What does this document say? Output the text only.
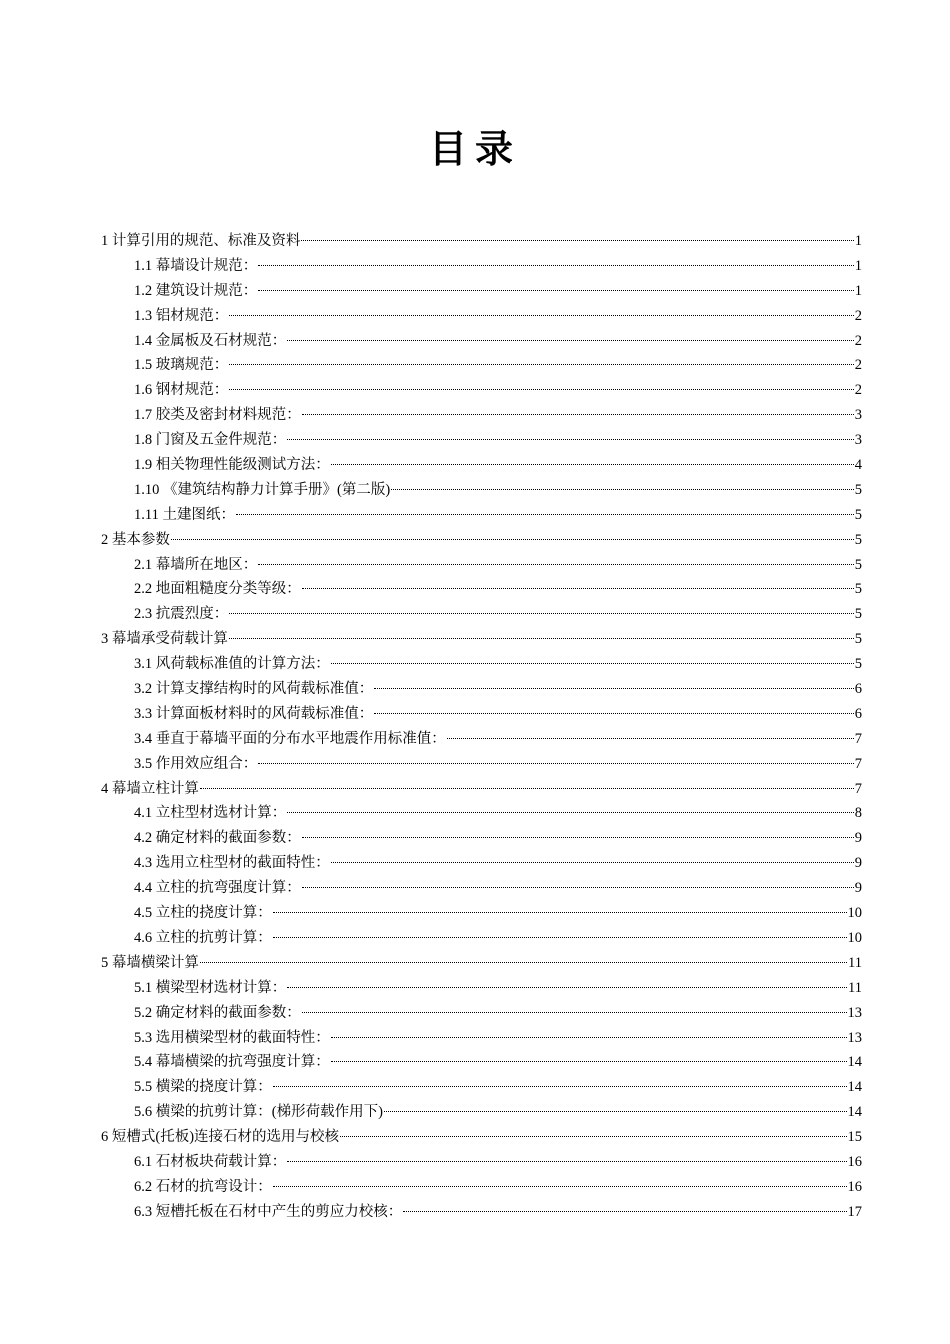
目录
1 计算引用的规范、标准及资料	1
1.1 幕墙设计规范：	1
1.2 建筑设计规范：	1
1.3 铝材规范：	2
1.4 金属板及石材规范：	2
1.5 玻璃规范：	2
1.6 钢材规范：	2
1.7 胶类及密封材料规范：	3
1.8 门窗及五金件规范：	3
1.9 相关物理性能级测试方法：	4
1.10 《建筑结构静力计算手册》(第二版)	5
1.11 土建图纸：	5
2 基本参数	5
2.1 幕墙所在地区：	5
2.2 地面粗糙度分类等级：	5
2.3 抗震烈度：	5
3 幕墙承受荷载计算	5
3.1 风荷载标准值的计算方法：	5
3.2 计算支撑结构时的风荷载标准值：	6
3.3 计算面板材料时的风荷载标准值：	6
3.4 垂直于幕墙平面的分布水平地震作用标准值：	7
3.5 作用效应组合：	7
4 幕墙立柱计算	7
4.1 立柱型材选材计算：	8
4.2 确定材料的截面参数：	9
4.3 选用立柱型材的截面特性：	9
4.4 立柱的抗弯强度计算：	9
4.5 立柱的挠度计算：	10
4.6 立柱的抗剪计算：	10
5 幕墙横梁计算	11
5.1 横梁型材选材计算：	11
5.2 确定材料的截面参数：	13
5.3 选用横梁型材的截面特性：	13
5.4 幕墙横梁的抗弯强度计算：	14
5.5 横梁的挠度计算：	14
5.6 横梁的抗剪计算：(梯形荷载作用下)	14
6 短槽式(托板)连接石材的选用与校核	15
6.1 石材板块荷载计算：	16
6.2 石材的抗弯设计：	16
6.3 短槽托板在石材中产生的剪应力校核：	17
